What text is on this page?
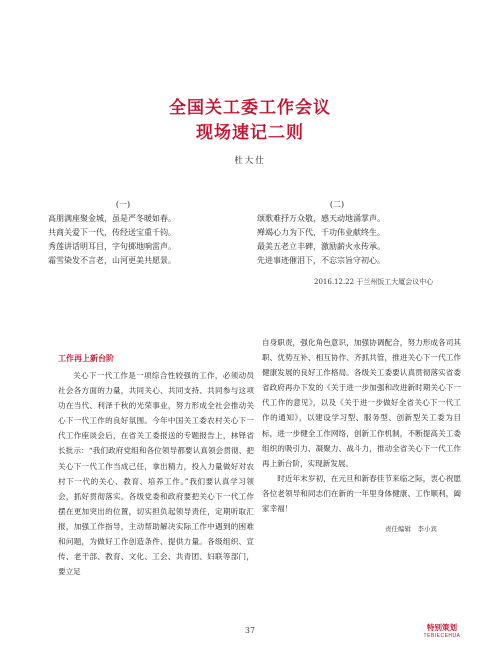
全国关工委工作会议
现场速记二则
杜大仕
(一)
高朋满座聚金城，虽是严冬暖如春。
共商关爱下一代，传经送宝重千钧。
秀莲讲话明耳目，字句掷地响雷声。
霜雪染发不言老，山河更美共愿景。
(二)
颂歌难抒万众敬，感天动地涌掌声。
殚竭心力为下代，千功伟业献终生。
最美五老立丰碑，激励薪火永传承。
先进事迹催泪下，不忘宗旨守初心。
2016.12.22 于兰州饭工大厦会议中心
工作再上新台阶

关心下一代工作是一项综合性较强的工作，必须动员社会各方面的力量，共同关心、共同支持、共同参与这项功在当代、利泽千秋的光荣事业，努力形成全社会推动关心下一代工作的良好氛围。今年中国关工委农村关心下一代工作座谈会后，在省关工委报送的专题报告上，林铎省长批示：“我们政府党组和各位领导都要认真领会贯彻、把关心下一代工作当成己任，拿出精力，投入力量做好对农村下一代的关心、教育、培养工作。”我们要认真学习领会，抓好贯彻落实。各级党委和政府要把关心下一代工作摆在更加突出的位置，切实担负起领导责任，定期听取汇报，加强工作指导，主动帮助解决实际工作中遇到的困难和问题，为做好工作创造条件、提供力量。各级组织、宣传、老干部、教育、文化、工会、共青团、妇联等部门，要立足

自身职责，强化角色意识，加强协调配合，努力形成各司其职、优势互补、相互协作、齐抓共管，推进关心下一代工作健康发展的良好工作格局。各级关工委要认真贯彻落实省委省政府再办下发的《关于进一步加强和改进新时期关心下一代工作的意见》，以及《关于进一步做好全省关心下一代工作的通知》，以建设学习型、服务型、创新型关工委为目标，进一步健全工作网络，创新工作机制，不断提高关工委组织的吸引力、凝聚力、战斗力，推动全省关心下一代工作再上新台阶，实现新发展。

时近年末岁初，在元旦和新春佳节来临之际，衷心祝愿各位老领导和同志们在新的一年里身体健康、工作顺利，阖家幸福！

责任编辑　李小宾
37	特别策划
TEBIECEHUA
